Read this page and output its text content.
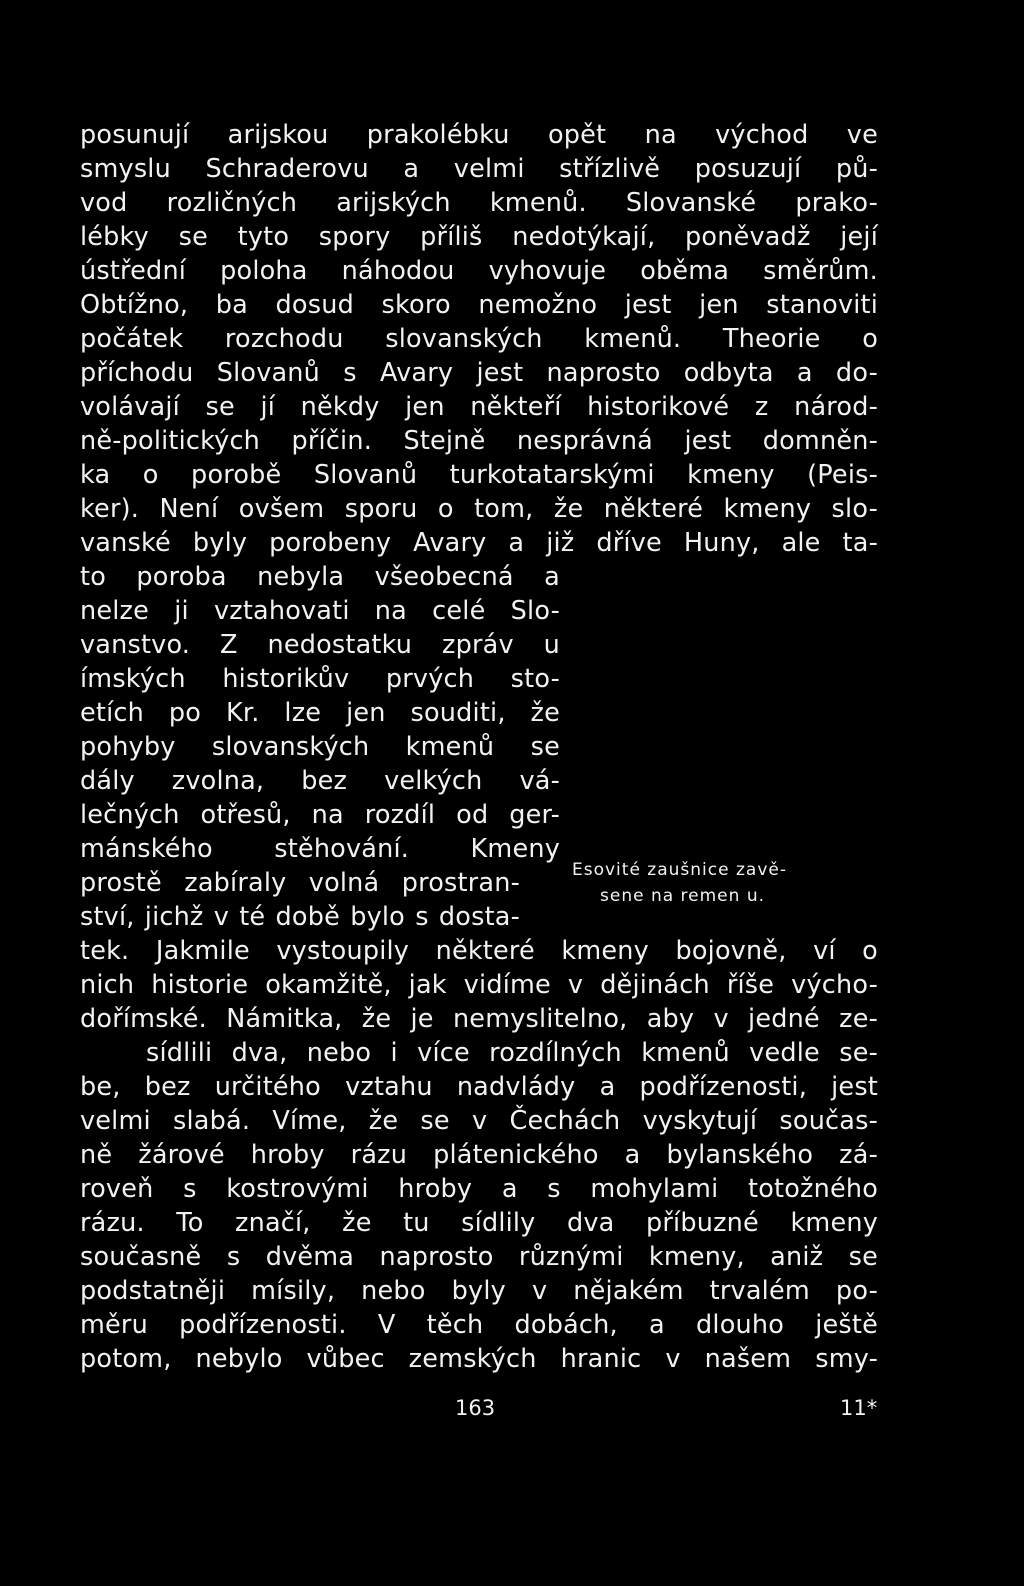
posunují arijskou prakolébku opět na východ ve
smyslu Schraderovu a velmi střízlivě posuzují pů-
vod rozličných arijských kmenů. Slovanské prako-
lébky se tyto spory příliš nedotýkají, poněvadž její
ústřední poloha náhodou vyhovuje oběma směrům.
Obtížno, ba dosud skoro nemožno jest jen stanoviti
počátek rozchodu slovanských kmenů. Theorie o
příchodu Slovanů s Avary jest naprosto odbyta a do-
volávají se jí někdy jen někteří historikové z národ-
ně-politických příčin. Stejně nesprávná jest domněn-
ka o porobě Slovanů turkotatarskými kmeny (Peis-
ker). Není ovšem sporu o tom, že některé kmeny slo-
vanské byly porobeny Avary a již dříve Huny, ale ta-
to poroba nebyla všeobecná a
nelze ji vztahovati na celé Slo-
vanstvo. Z nedostatku zpráv u
ímských historikův prvých sto-
etích po Kr. lze jen souditi, že
pohyby slovanských kmenů se
dály zvolna, bez velkých vá-
lečných otřesů, na rozdíl od ger-
mánského stěhování. Kmeny
prostě zabíraly volná prostran-
ství, jichž v té době bylo s dosta-
Esovité zaušnice zavě-
sene na remen u.
tek. Jakmile vystoupily některé kmeny bojovně, ví o
nich historie okamžitě, jak vidíme v dějinách říše výcho-
dořímské. Námitka, že je nemyslitelno, aby v jedné ze-
sídlili dva, nebo i více rozdílných kmenů vedle se-
be, bez určitého vztahu nadvlády a podřízenosti, jest
velmi slabá. Víme, že se v Čechách vyskytují součas-
ně žárové hroby rázu plátenického a bylanského zá-
roveň s kostrovými hroby a s mohylami totožného
rázu. To značí, že tu sídlily dva příbuzné kmeny
současně s dvěma naprosto různými kmeny, aniž se
podstatněji mísily, nebo byly v nějakém trvalém po-
měru podřízenosti. V těch dobách, a dlouho ještě
potom, nebylo vůbec zemských hranic v našem smy-
163	11*
